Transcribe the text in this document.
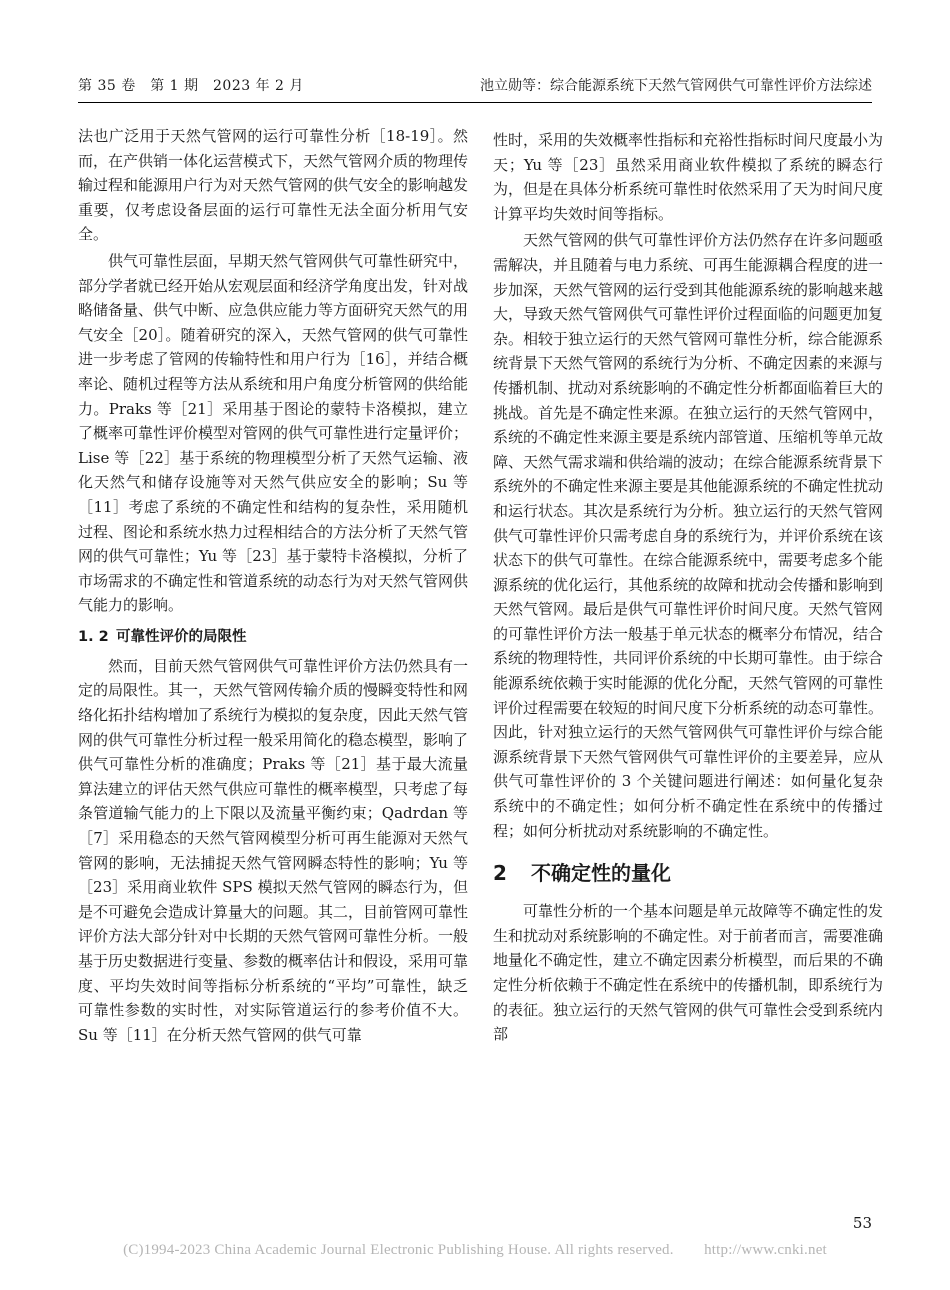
第 35 卷　第 1 期　2023 年 2 月	池立勋等：综合能源系统下天然气管网供气可靠性评价方法综述

法也广泛用于天然气管网的运行可靠性分析［18-19］。然而，在产供销一体化运营模式下，天然气管网介质的物理传输过程和能源用户行为对天然气管网的供气安全的影响越发重要，仅考虑设备层面的运行可靠性无法全面分析用气安全。

供气可靠性层面，早期天然气管网供气可靠性研究中，部分学者就已经开始从宏观层面和经济学角度出发，针对战略储备量、供气中断、应急供应能力等方面研究天然气的用气安全［20］。随着研究的深入，天然气管网的供气可靠性进一步考虑了管网的传输特性和用户行为［16］，并结合概率论、随机过程等方法从系统和用户角度分析管网的供给能力。Praks 等［21］采用基于图论的蒙特卡洛模拟，建立了概率可靠性评价模型对管网的供气可靠性进行定量评价；Lise 等［22］基于系统的物理模型分析了天然气运输、液化天然气和储存设施等对天然气供应安全的影响；Su 等［11］考虑了系统的不确定性和结构的复杂性，采用随机过程、图论和系统水热力过程相结合的方法分析了天然气管网的供气可靠性；Yu 等［23］基于蒙特卡洛模拟，分析了市场需求的不确定性和管道系统的动态行为对天然气管网供气能力的影响。

1. 2 可靠性评价的局限性

然而，目前天然气管网供气可靠性评价方法仍然具有一定的局限性。其一，天然气管网传输介质的慢瞬变特性和网络化拓扑结构增加了系统行为模拟的复杂度，因此天然气管网的供气可靠性分析过程一般采用简化的稳态模型，影响了供气可靠性分析的准确度；Praks 等［21］基于最大流量算法建立的评估天然气供应可靠性的概率模型，只考虑了每条管道输气能力的上下限以及流量平衡约束；Qadrdan 等［7］采用稳态的天然气管网模型分析可再生能源对天然气管网的影响，无法捕捉天然气管网瞬态特性的影响；Yu 等［23］采用商业软件 SPS 模拟天然气管网的瞬态行为，但是不可避免会造成计算量大的问题。其二，目前管网可靠性评价方法大部分针对中长期的天然气管网可靠性分析。一般基于历史数据进行变量、参数的概率估计和假设，采用可靠度、平均失效时间等指标分析系统的“平均”可靠性，缺乏可靠性参数的实时性，对实际管道运行的参考价值不大。Su 等［11］在分析天然气管网的供气可靠

性时，采用的失效概率性指标和充裕性指标时间尺度最小为天；Yu 等［23］虽然采用商业软件模拟了系统的瞬态行为，但是在具体分析系统可靠性时依然采用了天为时间尺度计算平均失效时间等指标。

天然气管网的供气可靠性评价方法仍然存在许多问题亟需解决，并且随着与电力系统、可再生能源耦合程度的进一步加深，天然气管网的运行受到其他能源系统的影响越来越大，导致天然气管网供气可靠性评价过程面临的问题更加复杂。相较于独立运行的天然气管网可靠性分析，综合能源系统背景下天然气管网的系统行为分析、不确定因素的来源与传播机制、扰动对系统影响的不确定性分析都面临着巨大的挑战。首先是不确定性来源。在独立运行的天然气管网中，系统的不确定性来源主要是系统内部管道、压缩机等单元故障、天然气需求端和供给端的波动；在综合能源系统背景下系统外的不确定性来源主要是其他能源系统的不确定性扰动和运行状态。其次是系统行为分析。独立运行的天然气管网供气可靠性评价只需考虑自身的系统行为，并评价系统在该状态下的供气可靠性。在综合能源系统中，需要考虑多个能源系统的优化运行，其他系统的故障和扰动会传播和影响到天然气管网。最后是供气可靠性评价时间尺度。天然气管网的可靠性评价方法一般基于单元状态的概率分布情况，结合系统的物理特性，共同评价系统的中长期可靠性。由于综合能源系统依赖于实时能源的优化分配，天然气管网的可靠性评价过程需要在较短的时间尺度下分析系统的动态可靠性。因此，针对独立运行的天然气管网供气可靠性评价与综合能源系统背景下天然气管网供气可靠性评价的主要差异，应从供气可靠性评价的 3 个关键问题进行阐述：如何量化复杂系统中的不确定性；如何分析不确定性在系统中的传播过程；如何分析扰动对系统影响的不确定性。

2 不确定性的量化

可靠性分析的一个基本问题是单元故障等不确定性的发生和扰动对系统影响的不确定性。对于前者而言，需要准确地量化不确定性，建立不确定因素分析模型，而后果的不确定性分析依赖于不确定性在系统中的传播机制，即系统行为的表征。独立运行的天然气管网的供气可靠性会受到系统内部

53
(C)1994-2023 China Academic Journal Electronic Publishing House. All rights reserved.　　http://www.cnki.net
